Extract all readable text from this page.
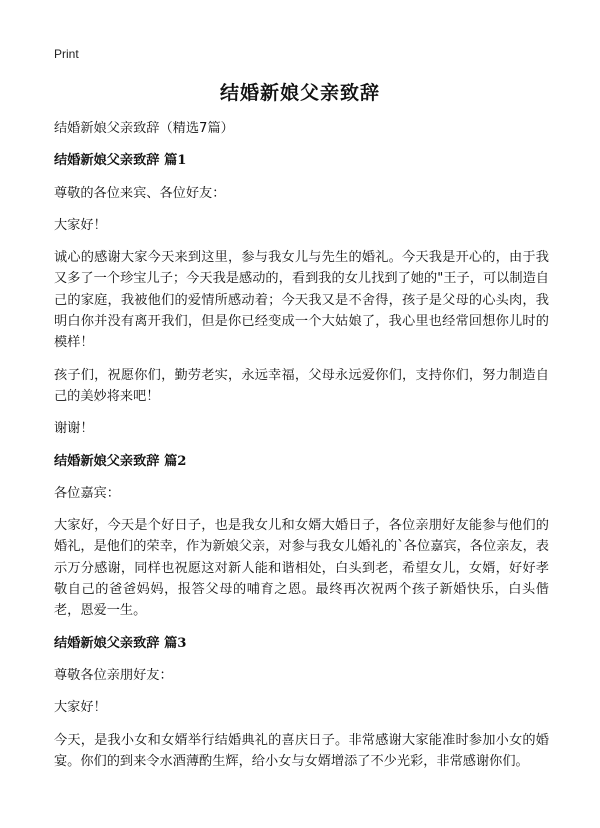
Print
结婚新娘父亲致辞

结婚新娘父亲致辞（精选7篇）

结婚新娘父亲致辞 篇1

尊敬的各位来宾、各位好友：

大家好！

诚心的感谢大家今天来到这里，参与我女儿与先生的婚礼。今天我是开心的，由于我又多了一个珍宝儿子；今天我是感动的，看到我的女儿找到了她的"王子，可以制造自己的家庭，我被他们的爱情所感动着；今天我又是不舍得，孩子是父母的心头肉，我明白你并没有离开我们，但是你已经变成一个大姑娘了，我心里也经常回想你儿时的模样！

孩子们，祝愿你们，勤劳老实，永远幸福，父母永远爱你们，支持你们，努力制造自己的美妙将来吧！

谢谢！

结婚新娘父亲致辞 篇2

各位嘉宾：

大家好，今天是个好日子，也是我女儿和女婿大婚日子，各位亲朋好友能参与他们的婚礼，是他们的荣幸，作为新娘父亲，对参与我女儿婚礼的`各位嘉宾，各位亲友，表示万分感谢，同样也祝愿这对新人能和谐相处，白头到老，希望女儿，女婿，好好孝敬自己的爸爸妈妈，报答父母的哺育之恩。最终再次祝两个孩子新婚快乐，白头偕老，恩爱一生。

结婚新娘父亲致辞 篇3

尊敬各位亲朋好友：

大家好！

今天，是我小女和女婿举行结婚典礼的喜庆日子。非常感谢大家能准时参加小女的婚宴。你们的到来令水酒薄酌生辉，给小女与女婿增添了不少光彩，非常感谢你们。
